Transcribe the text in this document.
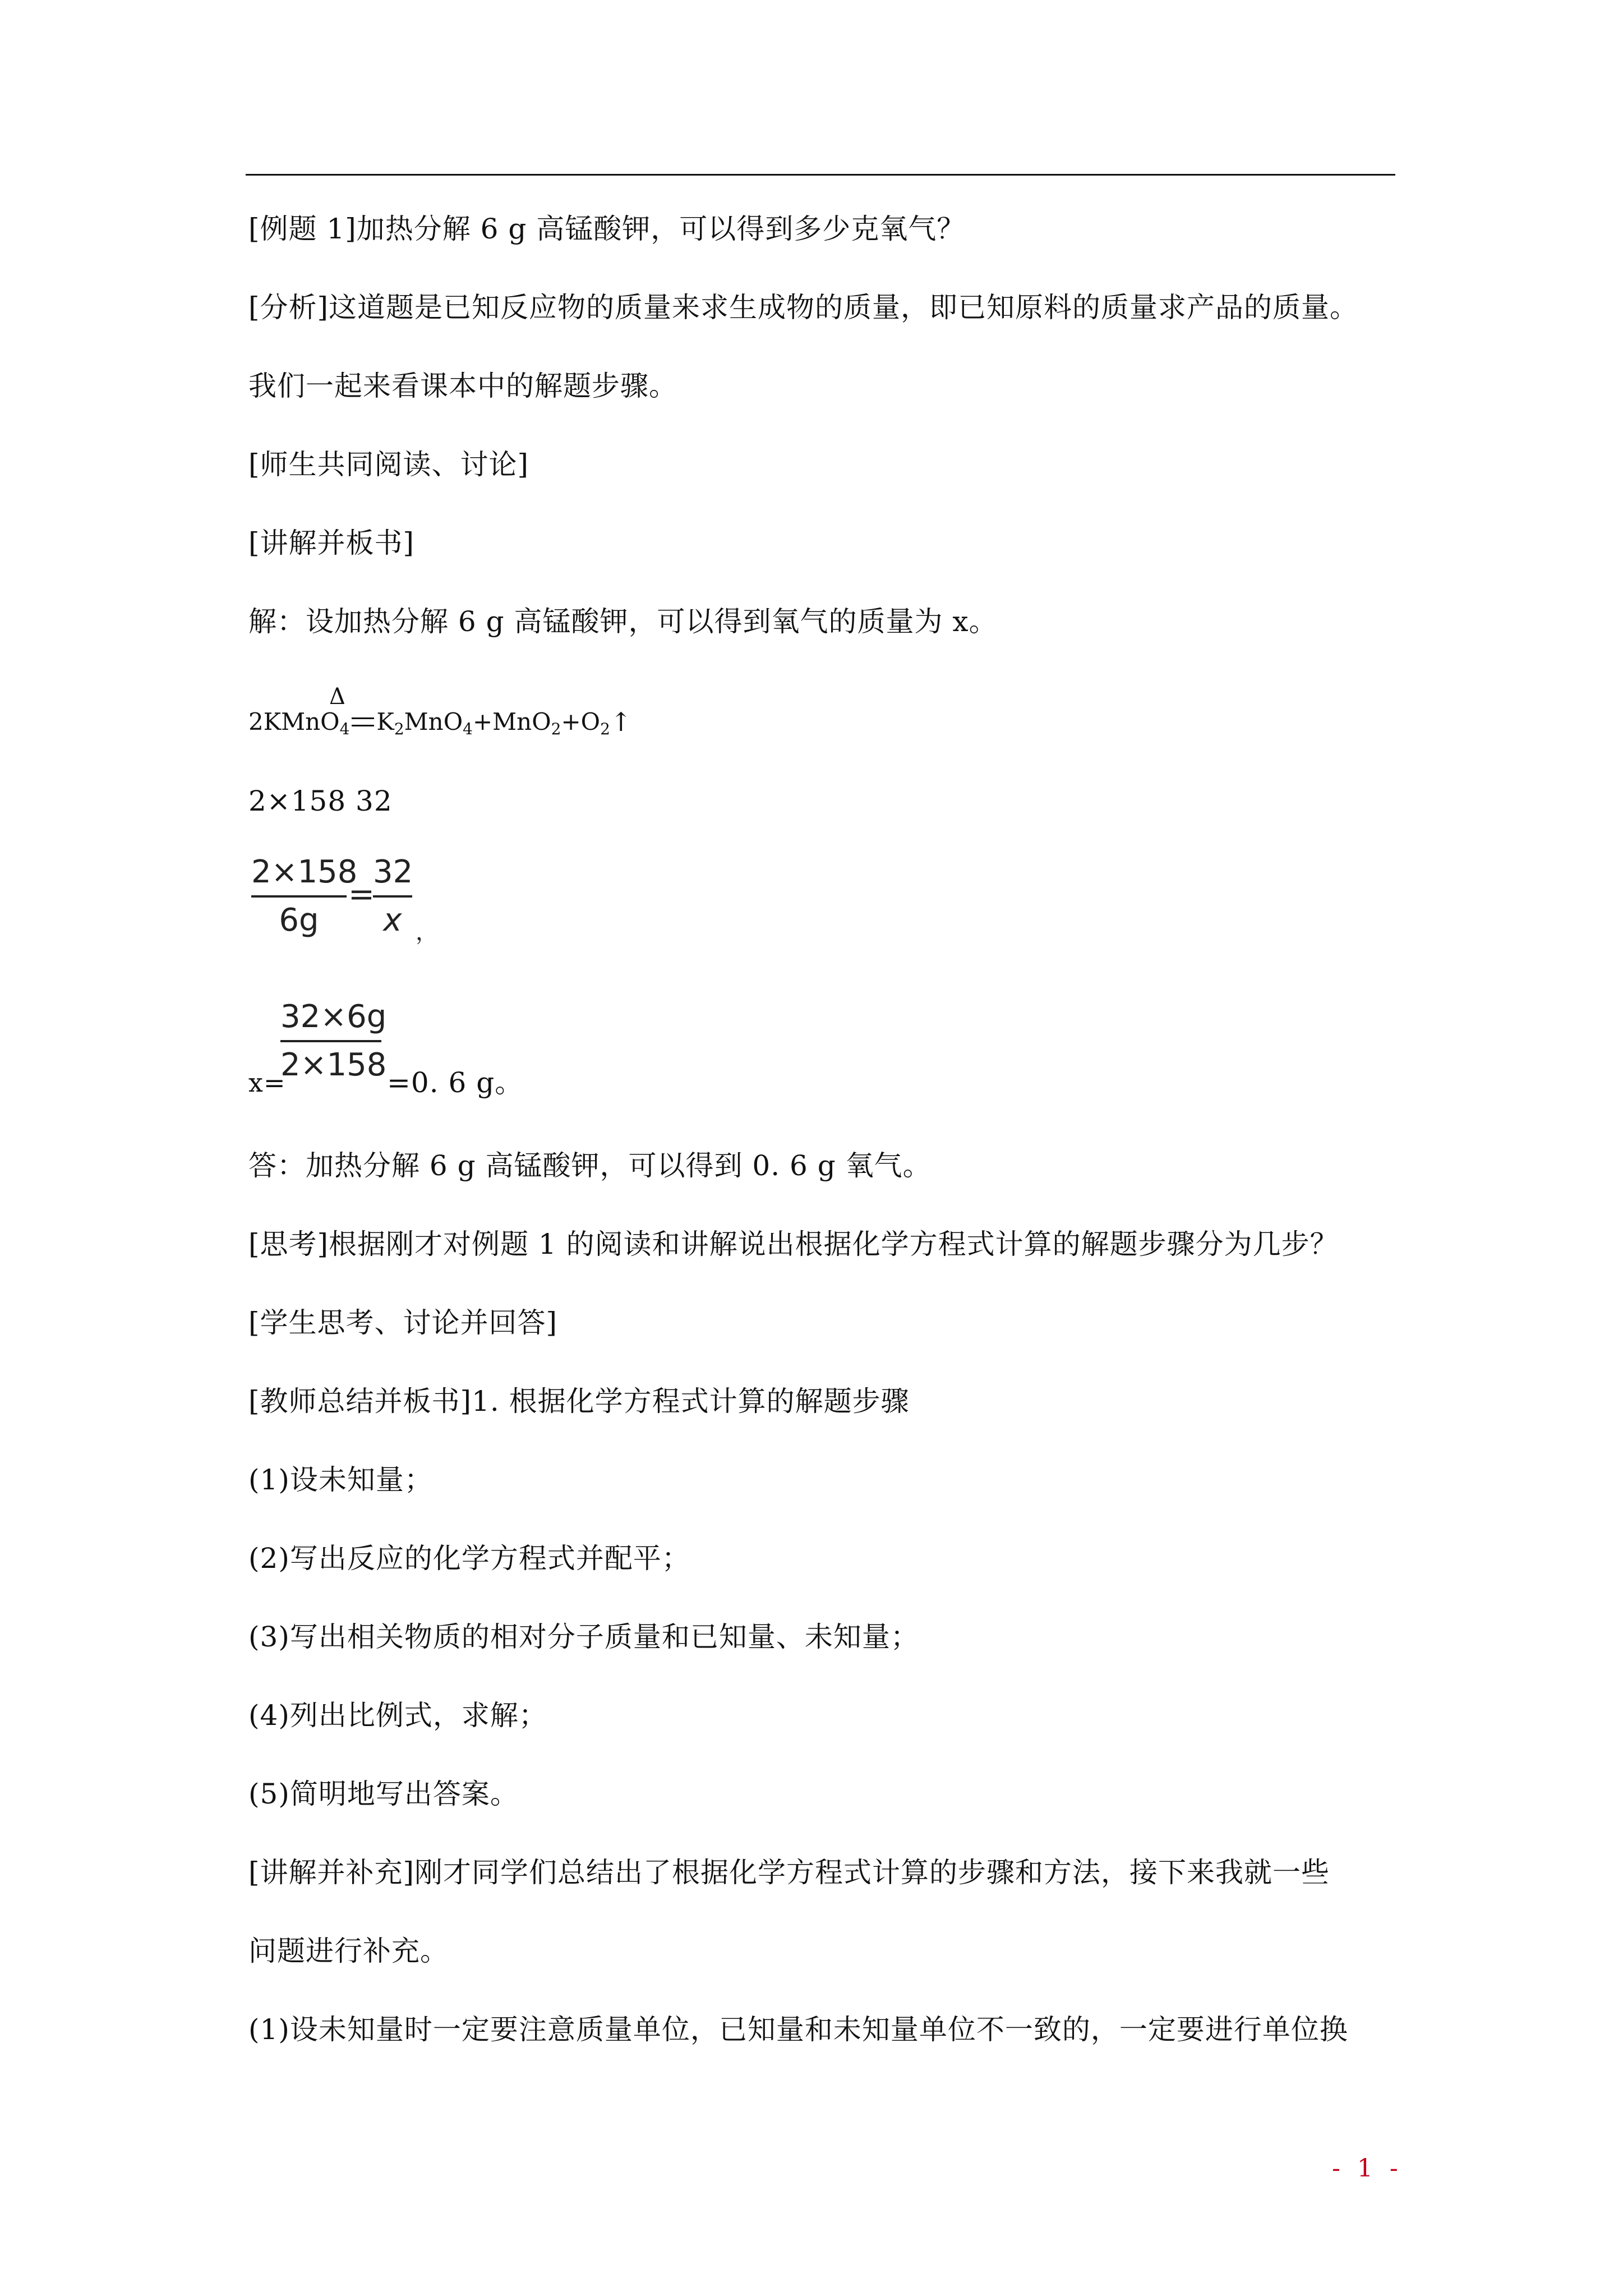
[例题 1]加热分解 6 g 高锰酸钾，可以得到多少克氧气？
[分析]这道题是已知反应物的质量来求生成物的质量，即已知原料的质量求产品的质量。
我们一起来看课本中的解题步骤。
[师生共同阅读、讨论]
[讲解并板书]
解：设加热分解 6 g 高锰酸钾，可以得到氧气的质量为 x。
Δ
2KMnO$_4$ $K_2MnO_4+MnO_2+O_2↑$
2×158 32
2×158
6g
=
32
x ，
x=
32×6g
2×158 =0. 6 g。
答：加热分解 6 g 高锰酸钾，可以得到 0. 6 g 氧气。
[思考]根据刚才对例题 1 的阅读和讲解说出根据化学方程式计算的解题步骤分为几步？
[学生思考、讨论并回答]
[教师总结并板书]1. 根据化学方程式计算的解题步骤
(1)设未知量；
(2)写出反应的化学方程式并配平；
(3)写出相关物质的相对分子质量和已知量、未知量；
(4)列出比例式，求解；
(5)简明地写出答案。
[讲解并补充]刚才同学们总结出了根据化学方程式计算的步骤和方法，接下来我就一些
问题进行补充。
(1)设未知量时一定要注意质量单位，已知量和未知量单位不一致的，一定要进行单位换
- 1 -
